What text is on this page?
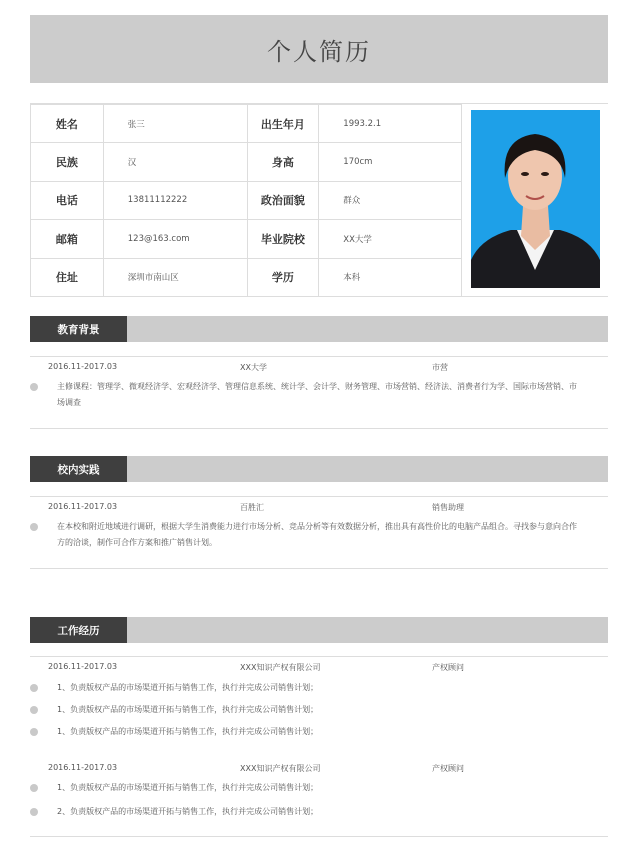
个人简历
姓名	张三	出生年月	1993.2.1
民族	汉	身高	170cm
电话	13811112222	政治面貌	群众
邮箱	123@163.com	毕业院校	XX大学
住址	深圳市南山区	学历	本科
教育背景
2016.11-2017.03	XX大学	市营
主修课程：管理学、微观经济学、宏观经济学、管理信息系统、统计学、会计学、财务管理、市场营销、经济法、消费者行为学、国际市场营销、市场调查
校内实践
2016.11-2017.03	百胜汇	销售助理
在本校和附近地域进行调研，根据大学生消费能力进行市场分析、竞品分析等有效数据分析，推出具有高性价比的电脑产品组合。寻找参与意向合作方的洽谈，制作可合作方案和推广销售计划。
工作经历
2016.11-2017.03	XXX知识产权有限公司	产权顾问
1、负责版权产品的市场渠道开拓与销售工作，执行并完成公司销售计划；
1、负责版权产品的市场渠道开拓与销售工作，执行并完成公司销售计划；
1、负责版权产品的市场渠道开拓与销售工作，执行并完成公司销售计划；
2016.11-2017.03	XXX知识产权有限公司	产权顾问
1、负责版权产品的市场渠道开拓与销售工作，执行并完成公司销售计划；
2、负责版权产品的市场渠道开拓与销售工作，执行并完成公司销售计划；
